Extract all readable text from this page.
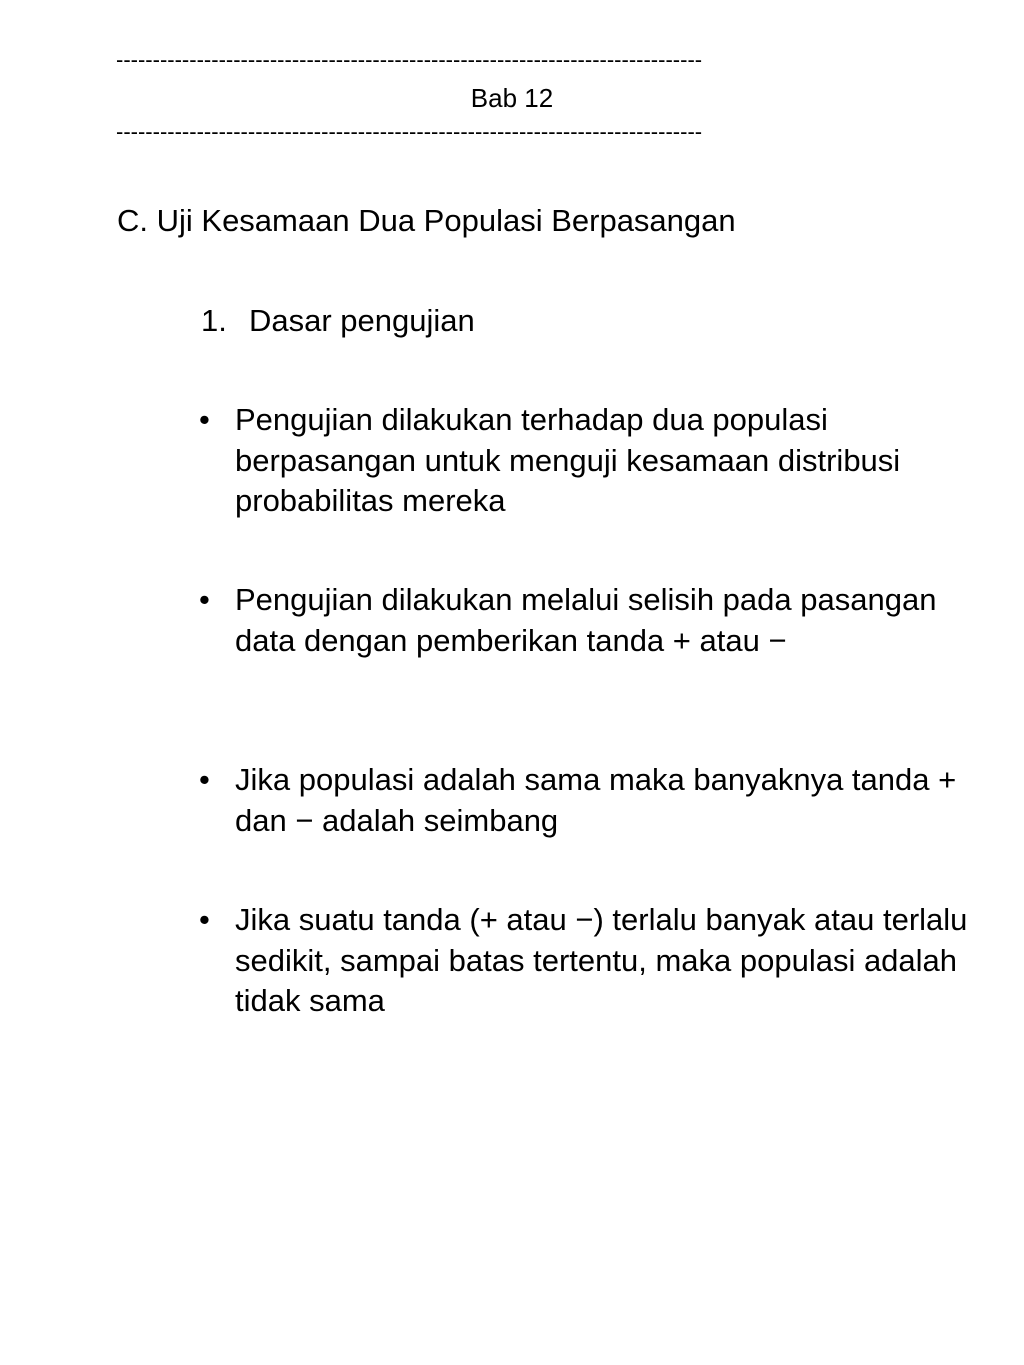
--------------------------------------------------------------------------------
Bab 12
--------------------------------------------------------------------------------
C. Uji Kesamaan Dua Populasi Berpasangan
1. Dasar pengujian
• Pengujian dilakukan terhadap dua populasi berpasangan untuk menguji kesamaan distribusi probabilitas mereka
• Pengujian dilakukan melalui selisih pada pasangan data dengan pemberikan tanda + atau −
• Jika populasi adalah sama maka banyaknya tanda + dan − adalah seimbang
• Jika suatu tanda (+ atau −) terlalu banyak atau terlalu sedikit, sampai batas tertentu, maka populasi adalah tidak sama
